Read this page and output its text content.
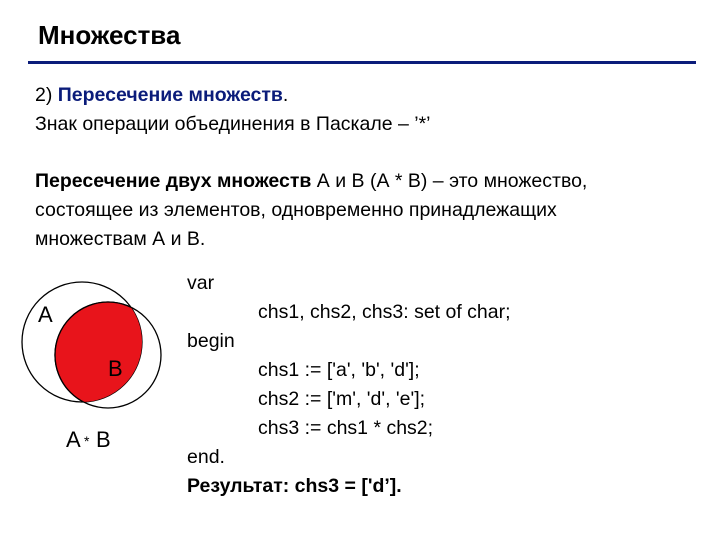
Множества
2) Пересечение множеств.
Знак операции объединения в Паскале – ’*’
Пересечение двух множеств А и В (А * В) – это множество,
состоящее из элементов, одновременно принадлежащих
множествам А и В.
A
B
A * B
var
chs1, chs2, chs3: set of char;
begin
chs1 := ['a', 'b', 'd'];
chs2 := ['m', 'd', 'e'];
chs3 := chs1 * chs2;
end.
Результат: chs3 = ['d’].
